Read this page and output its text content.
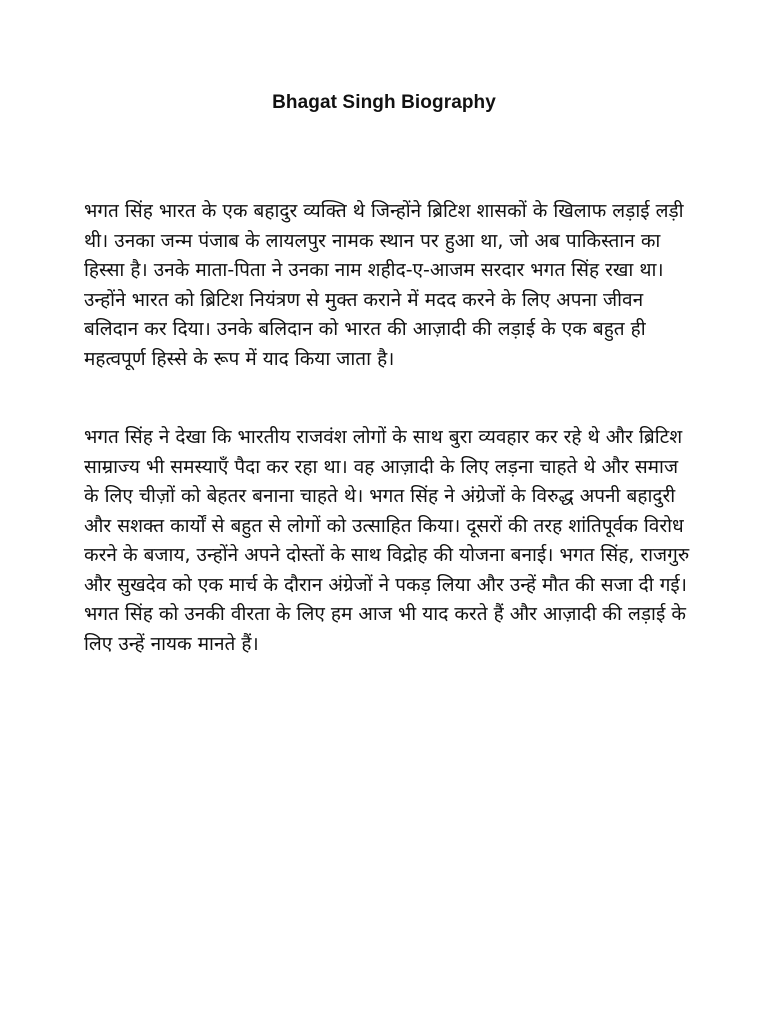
Bhagat Singh Biography

भगत सिंह भारत के एक बहादुर व्यक्ति थे जिन्होंने ब्रिटिश शासकों के खिलाफ लड़ाई लड़ी थी। उनका जन्म पंजाब के लायलपुर नामक स्थान पर हुआ था, जो अब पाकिस्तान का हिस्सा है। उनके माता-पिता ने उनका नाम शहीद-ए-आजम सरदार भगत सिंह रखा था। उन्होंने भारत को ब्रिटिश नियंत्रण से मुक्त कराने में मदद करने के लिए अपना जीवन बलिदान कर दिया। उनके बलिदान को भारत की आज़ादी की लड़ाई के एक बहुत ही महत्वपूर्ण हिस्से के रूप में याद किया जाता है।

भगत सिंह ने देखा कि भारतीय राजवंश लोगों के साथ बुरा व्यवहार कर रहे थे और ब्रिटिश साम्राज्य भी समस्याएँ पैदा कर रहा था। वह आज़ादी के लिए लड़ना चाहते थे और समाज के लिए चीज़ों को बेहतर बनाना चाहते थे। भगत सिंह ने अंग्रेजों के विरुद्ध अपनी बहादुरी और सशक्त कार्यों से बहुत से लोगों को उत्साहित किया। दूसरों की तरह शांतिपूर्वक विरोध करने के बजाय, उन्होंने अपने दोस्तों के साथ विद्रोह की योजना बनाई। भगत सिंह, राजगुरु और सुखदेव को एक मार्च के दौरान अंग्रेजों ने पकड़ लिया और उन्हें मौत की सजा दी गई। भगत सिंह को उनकी वीरता के लिए हम आज भी याद करते हैं और आज़ादी की लड़ाई के लिए उन्हें नायक मानते हैं।
